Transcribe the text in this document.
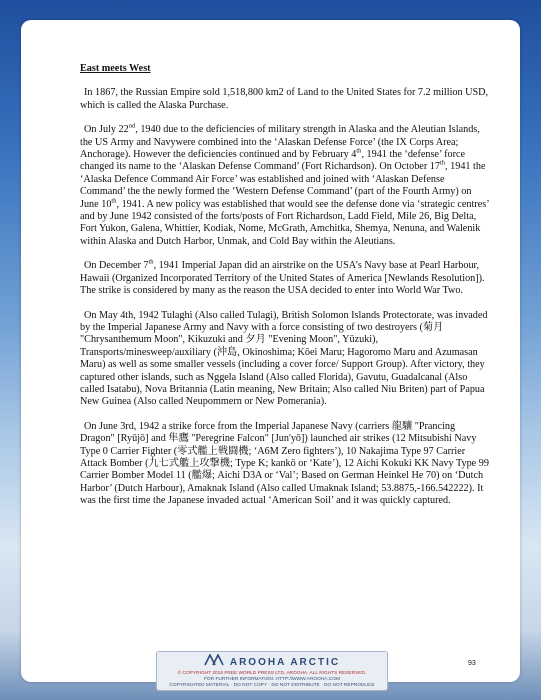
East meets West

In 1867, the Russian Empire sold 1,518,800 km2 of Land to the United States for 7.2 million USD, which is called the Alaska Purchase.

On July 22nd, 1940 due to the deficiencies of military strength in Alaska and the Aleutian Islands, the US Army and Navywere combined into the ‘Alaskan Defense Force’ (the IX Corps Area; Anchorage). However the deficiencies continued and by February 4th, 1941 the ‘defense’ force changed its name to the ‘Alaskan Defense Command’ (Fort Richardson). On October 17th, 1941 the ‘Alaska Defence Command Air Force’ was established and joined with ‘Alaskan Defense Command’ the the newly formed the ‘Western Defense Command’ (part of the Fourth Army) on June 10th, 1941. A new policy was established that would see the defense done via ‘strategic centres’ and by June 1942 consisted of the forts/posts of Fort Richardson, Ladd Field, Mile 26, Big Delta, Fort Yukon, Galena, Whittier, Kodiak, Nome, McGrath, Amchitka, Shemya, Nenuna, and Walenik within Alaska and Dutch Harbor, Unmak, and Cold Bay within the Aleutians.

On December 7th, 1941 Imperial Japan did an airstrike on the USA’s Navy base at Pearl Harbour, Hawaii (Organized Incorporated Territory of the United States of America [Newlands Resolution]). The strike is considered by many as the reason the USA decided to enter into World War Two.

On May 4th, 1942 Tulaghi (Also called Tulagi), British Solomon Islands Protectorate, was invaded by the Imperial Japanese Army and Navy with a force consisting of two destroyers (菊月 "Chrysanthemum Moon", Kikuzuki and 夕月 "Evening Moon", Yūzuki), Transports/minesweep/auxiliary (沖島, Okinoshima; Kōei Maru; Hagoromo Maru and Azumasan Maru) as well as some smaller vessels (including a cover force/ Support Group). After victory, they captured other islands, such as Nggela Island (Also called Florida), Gavutu, Guadalcanal (Also called Isatabu), Nova Britannia (Latin meaning, New Britain; Also called Niu Briten) part of Papua New Guinea (Also called Neupommern or New Pomerania).

On June 3rd, 1942 a strike force from the Imperial Japanese Navy (carriers 龍驤 "Prancing Dragon" [Ryūjō] and 隼鷹 "Peregrine Falcon" [Jun'yō]) launched air strikes (12 Mitsubishi Navy Type 0 Carrier Fighter (零式艦上戦闘機; ‘A6M Zero fighters’), 10 Nakajima Type 97 Carrier Attack Bomber (九七式艦上攻撃機; Type K; kankō or ‘Kate’), 12 Aichi Kokuki KK Navy Type 99 Carrier Bomber Model 11 (艦爆; Aichi D3A or ‘Val’; Based on German Heinkel He 70) on ‘Dutch Harbor’ (Dutch Harbour), Amaknak Island (Also called Umaknak Island; 53.8875,-166.542222). It was the first time the Japanese invaded actual ‘American Soil’ and it was quickly captured.

93
AROOHA ARCTIC
© COPYRIGHT 2016 FREE WORLD PRESS LTD, AROOHA. ALL RIGHTS RESERVED.
FOR FURTHER INFORMATION: HTTP://WWW.AROOHA.COM
COPYRIGHTED MATERIAL · DO NOT COPY · DO NOT DISTRIBUTE · DO NOT REPRODUCE
